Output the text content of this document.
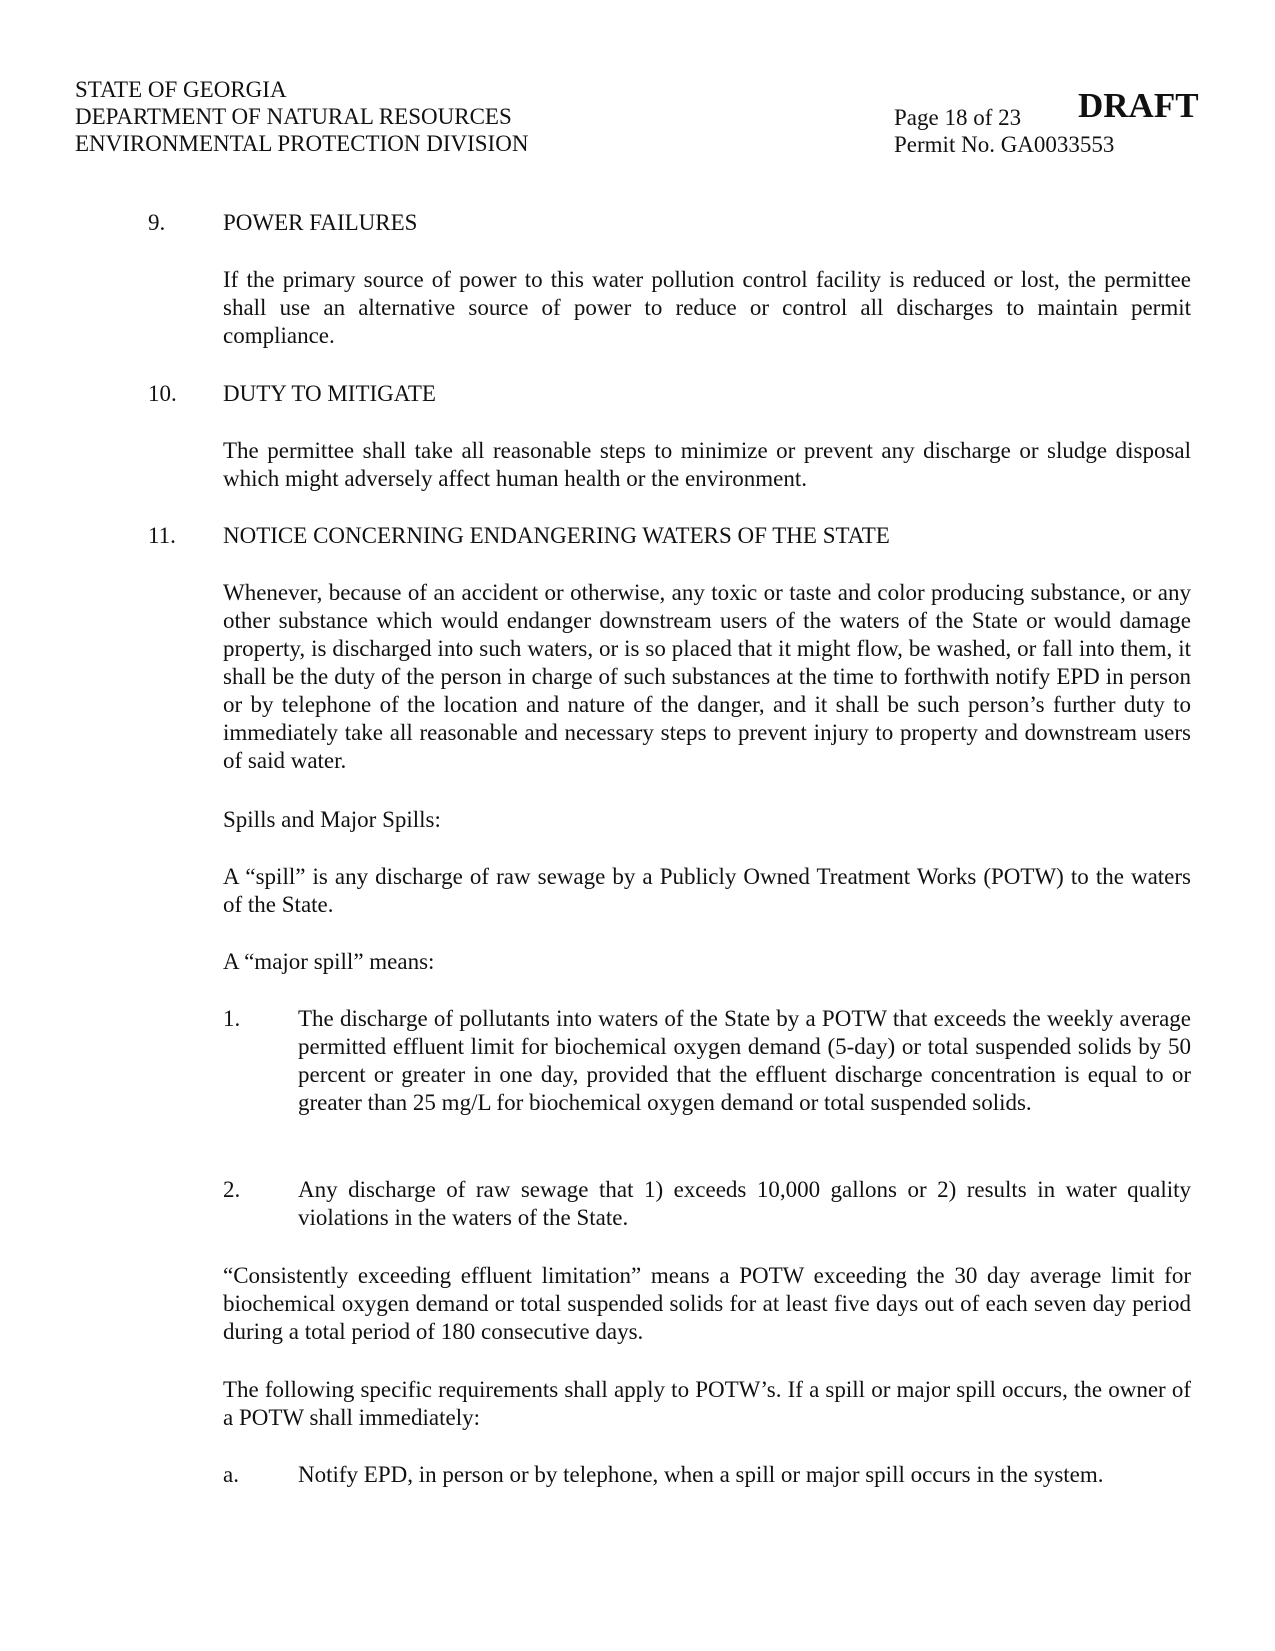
STATE OF GEORGIA
DEPARTMENT OF NATURAL RESOURCES
ENVIRONMENTAL PROTECTION DIVISION
Page 18 of 23
Permit No. GA0033553
DRAFT
9.	POWER FAILURES
If the primary source of power to this water pollution control facility is reduced or lost, the permittee shall use an alternative source of power to reduce or control all discharges to maintain permit compliance.
10. DUTY TO MITIGATE
The permittee shall take all reasonable steps to minimize or prevent any discharge or sludge disposal which might adversely affect human health or the environment.
11. NOTICE CONCERNING ENDANGERING WATERS OF THE STATE
Whenever, because of an accident or otherwise, any toxic or taste and color producing substance, or any other substance which would endanger downstream users of the waters of the State or would damage property, is discharged into such waters, or is so placed that it might flow, be washed, or fall into them, it shall be the duty of the person in charge of such substances at the time to forthwith notify EPD in person or by telephone of the location and nature of the danger, and it shall be such person’s further duty to immediately take all reasonable and necessary steps to prevent injury to property and downstream users of said water.
Spills and Major Spills:
A “spill” is any discharge of raw sewage by a Publicly Owned Treatment Works (POTW) to the waters of the State.
A “major spill” means:
1.	The discharge of pollutants into waters of the State by a POTW that exceeds the weekly average permitted effluent limit for biochemical oxygen demand (5-day) or total suspended solids by 50 percent or greater in one day, provided that the effluent discharge concentration is equal to or greater than 25 mg/L for biochemical oxygen demand or total suspended solids.
2.	Any discharge of raw sewage that 1) exceeds 10,000 gallons or 2) results in water quality violations in the waters of the State.
“Consistently exceeding effluent limitation” means a POTW exceeding the 30 day average limit for biochemical oxygen demand or total suspended solids for at least five days out of each seven day period during a total period of 180 consecutive days.
The following specific requirements shall apply to POTW’s. If a spill or major spill occurs, the owner of a POTW shall immediately:
a.	Notify EPD, in person or by telephone, when a spill or major spill occurs in the system.
